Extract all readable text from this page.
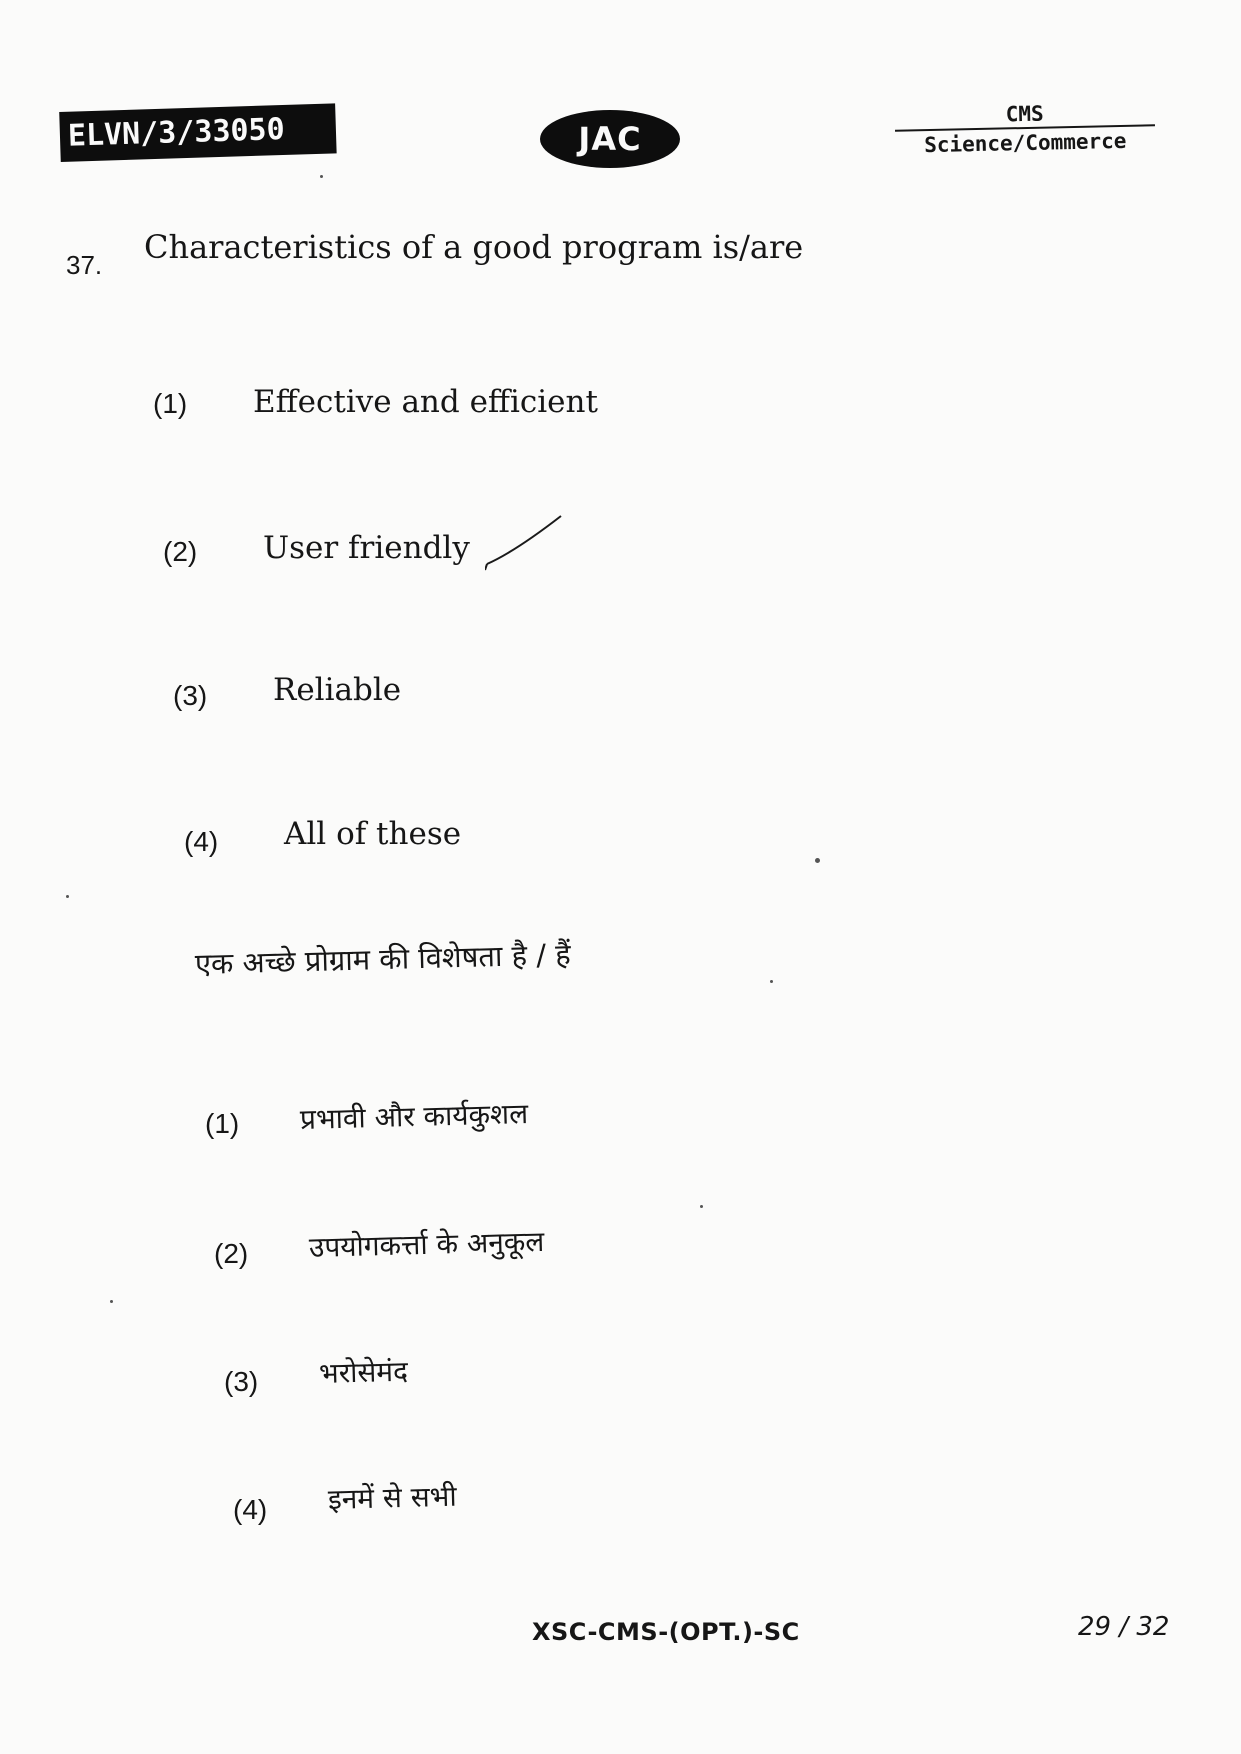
ELVN/3/33050	JAC
CMS
Science/Commerce
37. Characteristics of a good program is/are
(1) Effective and efficient
(2) User friendly
(3) Reliable
(4) All of these
एक अच्छे प्रोग्राम की विशेषता है / हैं
(1) प्रभावी और कार्यकुशल
(2) उपयोगकर्त्ता के अनुकूल
(3) भरोसेमंद
(4) इनमें से सभी
XSC-CMS-(OPT.)-SC	29 / 32
